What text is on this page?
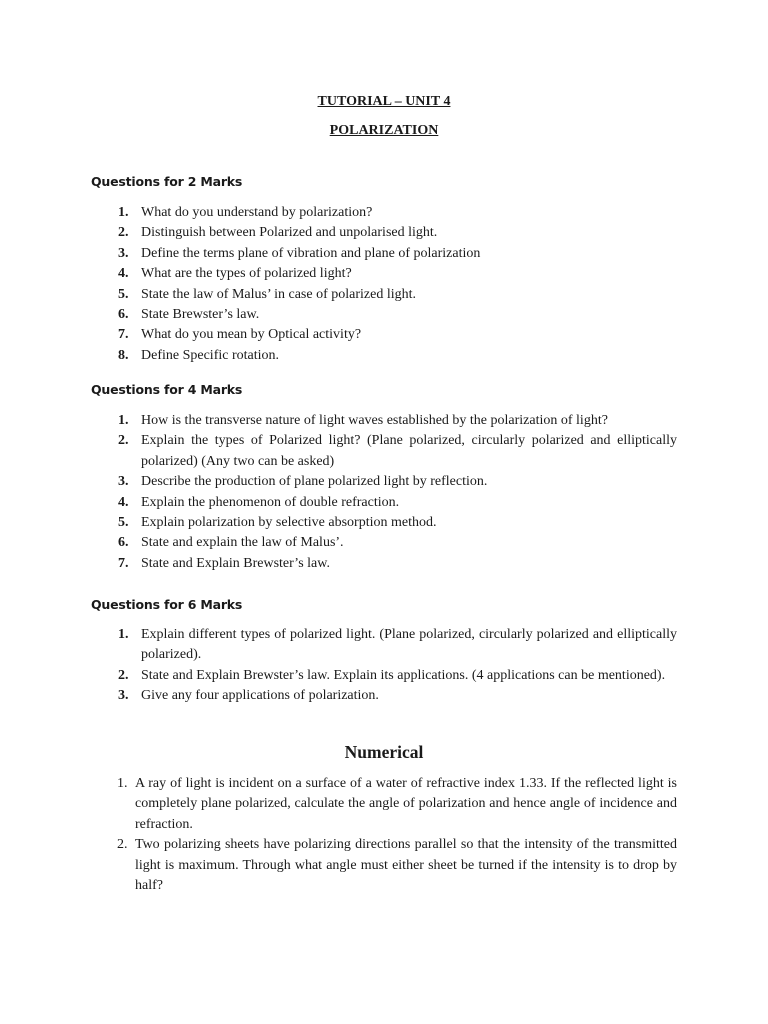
TUTORIAL – UNIT 4
POLARIZATION
Questions for 2 Marks
1. What do you understand by polarization?
2. Distinguish between Polarized and unpolarised light.
3. Define the terms plane of vibration and plane of polarization
4. What are the types of polarized light?
5. State the law of Malus’ in case of polarized light.
6. State Brewster’s law.
7. What do you mean by Optical activity?
8. Define Specific rotation.
Questions for 4 Marks
1. How is the transverse nature of light waves established by the polarization of light?
2. Explain the types of Polarized light? (Plane polarized, circularly polarized and elliptically polarized) (Any two can be asked)
3. Describe the production of plane polarized light by reflection.
4. Explain the phenomenon of double refraction.
5. Explain polarization by selective absorption method.
6. State and explain the law of Malus’.
7. State and Explain Brewster’s law.
Questions for 6 Marks
1. Explain different types of polarized light. (Plane polarized, circularly polarized and elliptically polarized).
2. State and Explain Brewster’s law. Explain its applications. (4 applications can be mentioned).
3. Give any four applications of polarization.
Numerical
1. A ray of light is incident on a surface of a water of refractive index 1.33. If the reflected light is completely plane polarized, calculate the angle of polarization and hence angle of incidence and refraction.
2. Two polarizing sheets have polarizing directions parallel so that the intensity of the transmitted light is maximum. Through what angle must either sheet be turned if the intensity is to drop by half?
